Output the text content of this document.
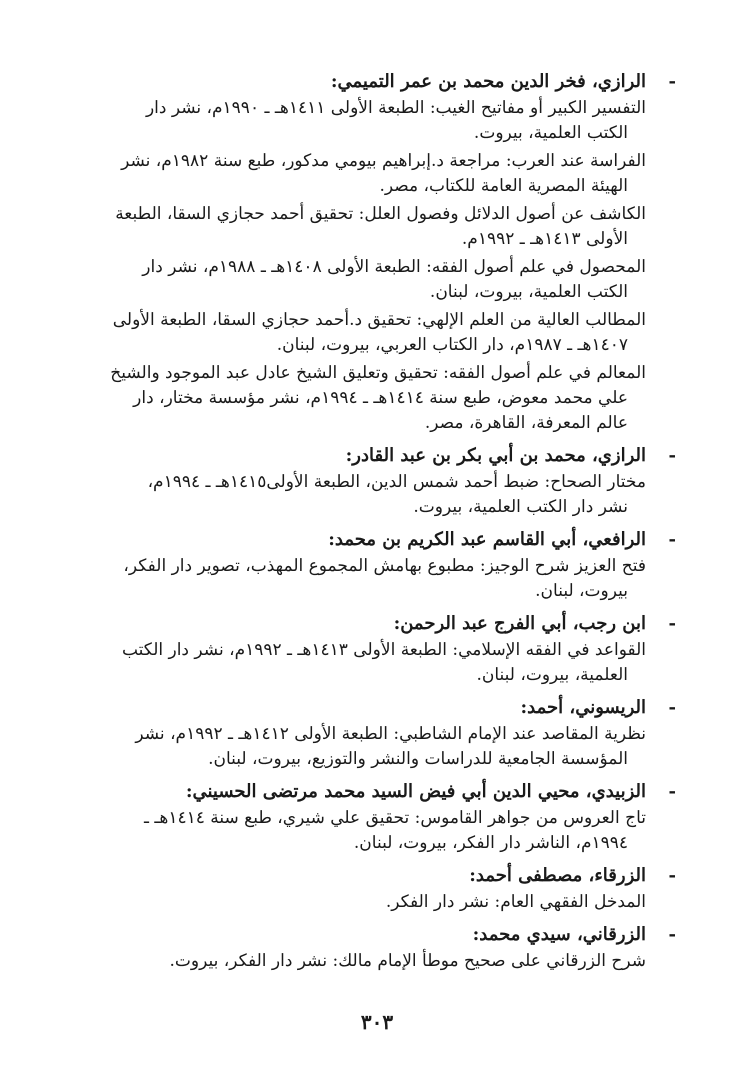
-
الرازي، فخر الدين محمد بن عمر التميمي:
التفسير الكبير أو مفاتيح الغيب: الطبعة الأولى ١٤١١هـ ـ ١٩٩٠م، نشر دار
الكتب العلمية، بيروت.
الفراسة عند العرب: مراجعة د.إبراهيم بيومي مدكور، طبع سنة ١٩٨٢م، نشر
الهيئة المصرية العامة للكتاب، مصر.
الكاشف عن أصول الدلائل وفصول العلل: تحقيق أحمد حجازي السقا، الطبعة
الأولى ١٤١٣هـ ـ ١٩٩٢م.
المحصول في علم أصول الفقه: الطبعة الأولى ١٤٠٨هـ ـ ١٩٨٨م، نشر دار
الكتب العلمية، بيروت، لبنان.
المطالب العالية من العلم الإلهي: تحقيق د.أحمد حجازي السقا، الطبعة الأولى
١٤٠٧هـ ـ ١٩٨٧م، دار الكتاب العربي، بيروت، لبنان.
المعالم في علم أصول الفقه: تحقيق وتعليق الشيخ عادل عبد الموجود والشيخ
علي محمد معوض، طبع سنة ١٤١٤هـ ـ ١٩٩٤م، نشر مؤسسة مختار، دار
عالم المعرفة، القاهرة، مصر.
-
الرازي، محمد بن أبي بكر بن عبد القادر:
مختار الصحاح: ضبط أحمد شمس الدين، الطبعة الأولى١٤١٥هـ ـ ١٩٩٤م،
نشر دار الكتب العلمية، بيروت.
-
الرافعي، أبي القاسم عبد الكريم بن محمد:
فتح العزيز شرح الوجيز: مطبوع بهامش المجموع المهذب، تصوير دار الفكر،
بيروت، لبنان.
-
ابن رجب، أبي الفرج عبد الرحمن:
القواعد في الفقه الإسلامي: الطبعة الأولى ١٤١٣هـ ـ ١٩٩٢م، نشر دار الكتب
العلمية، بيروت، لبنان.
-
الريسوني، أحمد:
نظرية المقاصد عند الإمام الشاطبي: الطبعة الأولى ١٤١٢هـ ـ ١٩٩٢م، نشر
المؤسسة الجامعية للدراسات والنشر والتوزيع، بيروت، لبنان.
-
الزبيدي، محيي الدين أبي فيض السيد محمد مرتضى الحسيني:
تاج العروس من جواهر القاموس: تحقيق علي شيري، طبع سنة ١٤١٤هـ ـ
١٩٩٤م، الناشر دار الفكر، بيروت، لبنان.
-
الزرقاء، مصطفى أحمد:
المدخل الفقهي العام: نشر دار الفكر.
-
الزرقاني، سيدي محمد:
شرح الزرقاني على صحيح موطأ الإمام مالك: نشر دار الفكر، بيروت.
٣٠٣
